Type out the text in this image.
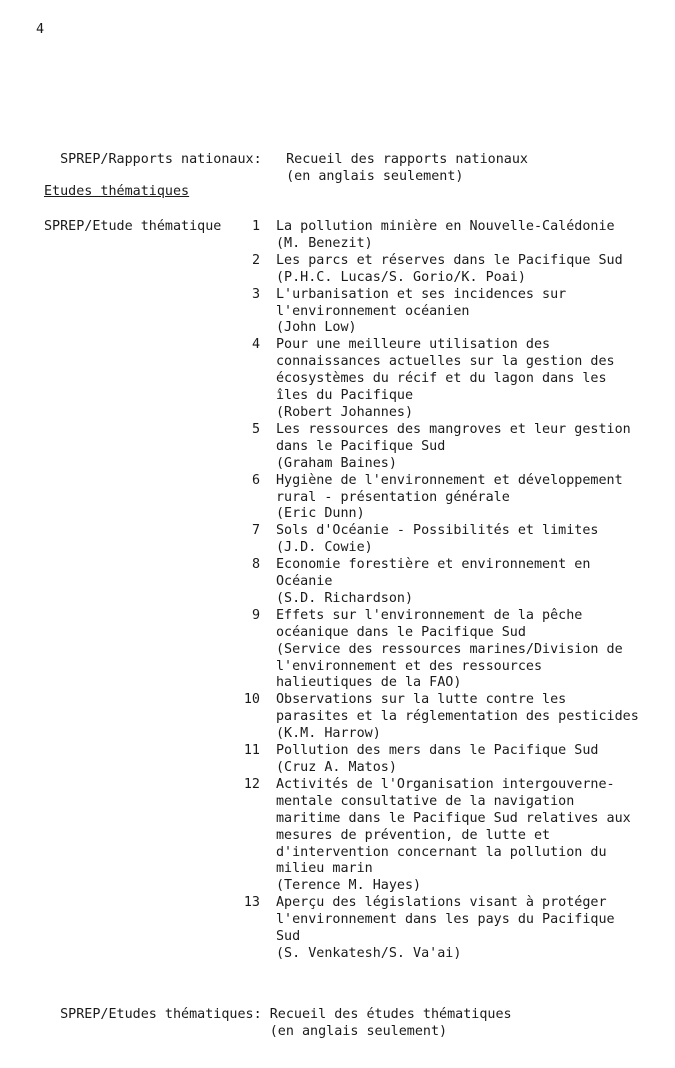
4

SPREP/Rapports nationaux: Recueil des rapports nationaux
(en anglais seulement)

Etudes thématiques
SPREP/Etude thématique	1 La pollution minière en Nouvelle-Calédonie
(M. Benezit)
2 Les parcs et réserves dans le Pacifique Sud
(P.H.C. Lucas/S. Gorio/K. Poai)
3 L'urbanisation et ses incidences sur l'environnement océanien
(John Low)
4 Pour une meilleure utilisation des connaissances actuelles sur la gestion des écosystèmes du récif et du lagon dans les îles du Pacifique
(Robert Johannes)
5 Les ressources des mangroves et leur gestion dans le Pacifique Sud
(Graham Baines)
6 Hygiène de l'environnement et développement rural - présentation générale
(Eric Dunn)
7 Sols d'Océanie - Possibilités et limites
(J.D. Cowie)
8 Economie forestière et environnement en Océanie
(S.D. Richardson)
9 Effets sur l'environnement de la pêche océanique dans le Pacifique Sud
(Service des ressources marines/Division de l'environnement et des ressources halieutiques de la FAO)
10 Observations sur la lutte contre les parasites et la réglementation des pesticides
(K.M. Harrow)
11 Pollution des mers dans le Pacifique Sud
(Cruz A. Matos)
12 Activités de l'Organisation intergouverne-mentale consultative de la navigation maritime dans le Pacifique Sud relatives aux mesures de prévention, de lutte et d'intervention concernant la pollution du milieu marin
(Terence M. Hayes)
13 Aperçu des législations visant à protéger l'environnement dans les pays du Pacifique Sud
(S. Venkatesh/S. Va'ai)

SPREP/Etudes thématiques: Recueil des études thématiques
(en anglais seulement)
